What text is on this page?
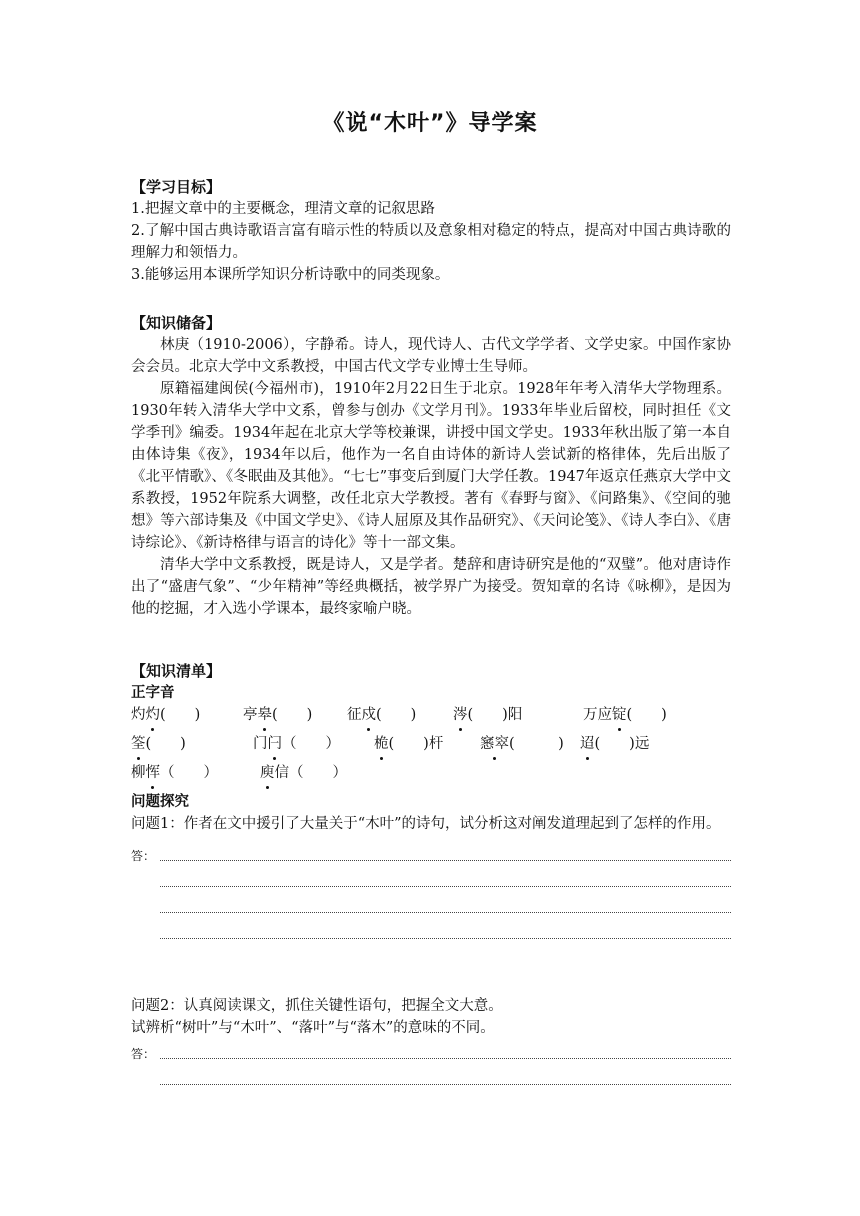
《说“木叶”》导学案
【学习目标】
1.把握文章中的主要概念，理清文章的记叙思路
2.了解中国古典诗歌语言富有暗示性的特质以及意象相对稳定的特点，提高对中国古典诗歌的理解力和领悟力。
3.能够运用本课所学知识分析诗歌中的同类现象。
【知识储备】
林庚（1910-2006），字静希。诗人，现代诗人、古代文学学者、文学史家。中国作家协会会员。北京大学中文系教授，中国古代文学专业博士生导师。
原籍福建闽侯(今福州市)，1910年2月22日生于北京。1928年年考入清华大学物理系。1930年转入清华大学中文系，曾参与创办《文学月刊》。1933年毕业后留校，同时担任《文学季刊》编委。1934年起在北京大学等校兼课，讲授中国文学史。1933年秋出版了第一本自由体诗集《夜》，1934年以后，他作为一名自由诗体的新诗人尝试新的格律体，先后出版了《北平情歌》、《冬眠曲及其他》。“七七”事变后到厦门大学任教。1947年返京任燕京大学中文系教授，1952年院系大调整，改任北京大学教授。著有《春野与窗》、《问路集》、《空间的驰想》等六部诗集及《中国文学史》、《诗人屈原及其作品研究》、《天问论笺》、《诗人李白》、《唐诗综论》、《新诗格律与语言的诗化》等十一部文集。
清华大学中文系教授，既是诗人，又是学者。楚辞和唐诗研究是他的“双璧”。他对唐诗作出了“盛唐气象”、“少年精神”等经典概括，被学界广为接受。贺知章的名诗《咏柳》，是因为他的挖掘，才入选小学课本，最终家喻户晓。
【知识清单】
正字音
灼灼(　　)	亭皋(　　) 征戍(　　)	涔(　　)阳	万应锭(　　)
筌(　　)	门闩（　　） 桅(　　)杆	窸窣(　　　) 迢(　　)远
柳恽（　　）	庾信（　　）
问题探究
问题1：作者在文中援引了大量关于“木叶”的诗句，试分析这对阐发道理起到了怎样的作用。
答：
问题2：认真阅读课文，抓住关键性语句，把握全文大意。
试辨析“树叶”与“木叶”、“落叶”与“落木”的意味的不同。
答：
